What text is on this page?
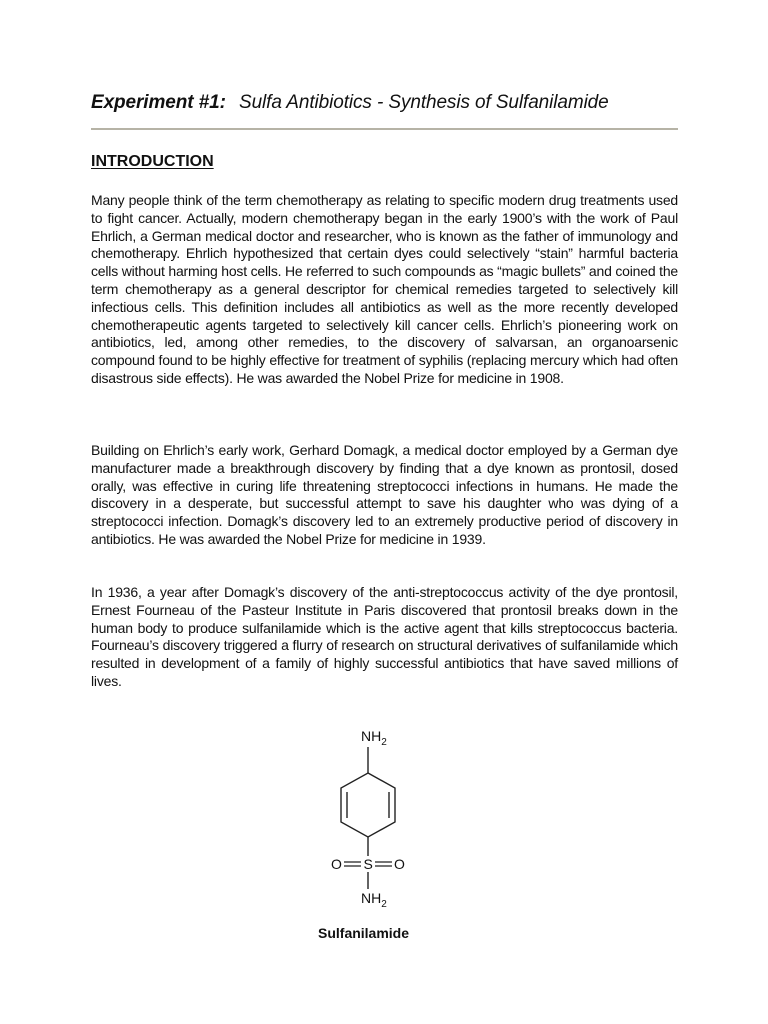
Experiment #1: Sulfa Antibiotics - Synthesis of Sulfanilamide
INTRODUCTION

Many people think of the term chemotherapy as relating to specific modern drug treatments used to fight cancer. Actually, modern chemotherapy began in the early 1900’s with the work of Paul Ehrlich, a German medical doctor and researcher, who is known as the father of immunology and chemotherapy. Ehrlich hypothesized that certain dyes could selectively “stain” harmful bacteria cells without harming host cells. He referred to such compounds as “magic bullets” and coined the term chemotherapy as a general descriptor for chemical remedies targeted to selectively kill infectious cells. This definition includes all antibiotics as well as the more recently developed chemotherapeutic agents targeted to selectively kill cancer cells. Ehrlich’s pioneering work on antibiotics, led, among other remedies, to the discovery of salvarsan, an organoarsenic compound found to be highly effective for treatment of syphilis (replacing mercury which had often disastrous side effects). He was awarded the Nobel Prize for medicine in 1908.

Building on Ehrlich’s early work, Gerhard Domagk, a medical doctor employed by a German dye manufacturer made a breakthrough discovery by finding that a dye known as prontosil, dosed orally, was effective in curing life threatening streptococci infections in humans. He made the discovery in a desperate, but successful attempt to save his daughter who was dying of a streptococci infection. Domagk’s discovery led to an extremely productive period of discovery in antibiotics. He was awarded the Nobel Prize for medicine in 1939.

In 1936, a year after Domagk’s discovery of the anti-streptococcus activity of the dye prontosil, Ernest Fourneau of the Pasteur Institute in Paris discovered that prontosil breaks down in the human body to produce sulfanilamide which is the active agent that kills streptococcus bacteria. Fourneau’s discovery triggered a flurry of research on structural derivatives of sulfanilamide which resulted in development of a family of highly successful antibiotics that have saved millions of lives.

$NH_2$
S
O	O
$NH_2$
Sulfanilamide
